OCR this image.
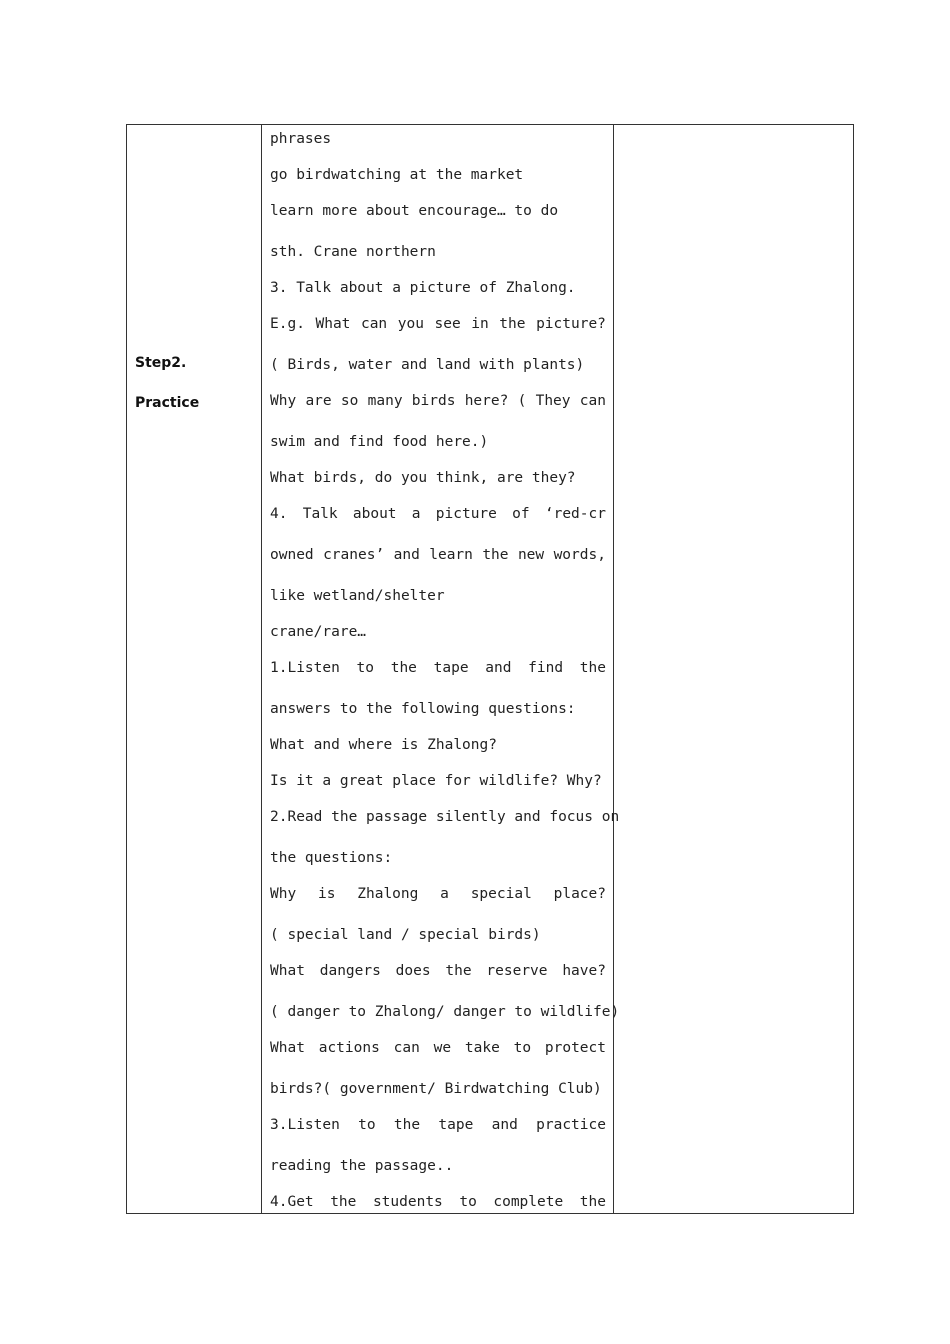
Step2.
Practice
phrases
go birdwatching at the market
learn more about encourage… to do
sth. Crane northern
3. Talk about a picture of Zhalong.
E.g. What can you see in the picture?
( Birds, water and land with plants)
Why are so many birds here? ( They can
swim and find food here.)
What birds, do you think, are they?
4. Talk about a picture of ‘red-cr
owned cranes’ and learn the new words,
like wetland/shelter
crane/rare…
1.Listen to the tape and find the
answers to the following questions:
What and where is Zhalong?
Is it a great place for wildlife? Why?
2.Read the passage silently and focus on
the questions:
Why is Zhalong a special place?
( special land / special birds)
What dangers does the reserve have?
( danger to Zhalong/ danger to wildlife)
What actions can we take to protect
birds?( government/ Birdwatching Club)
3.Listen to the tape and practice
reading the passage..
4.Get the students to complete the
